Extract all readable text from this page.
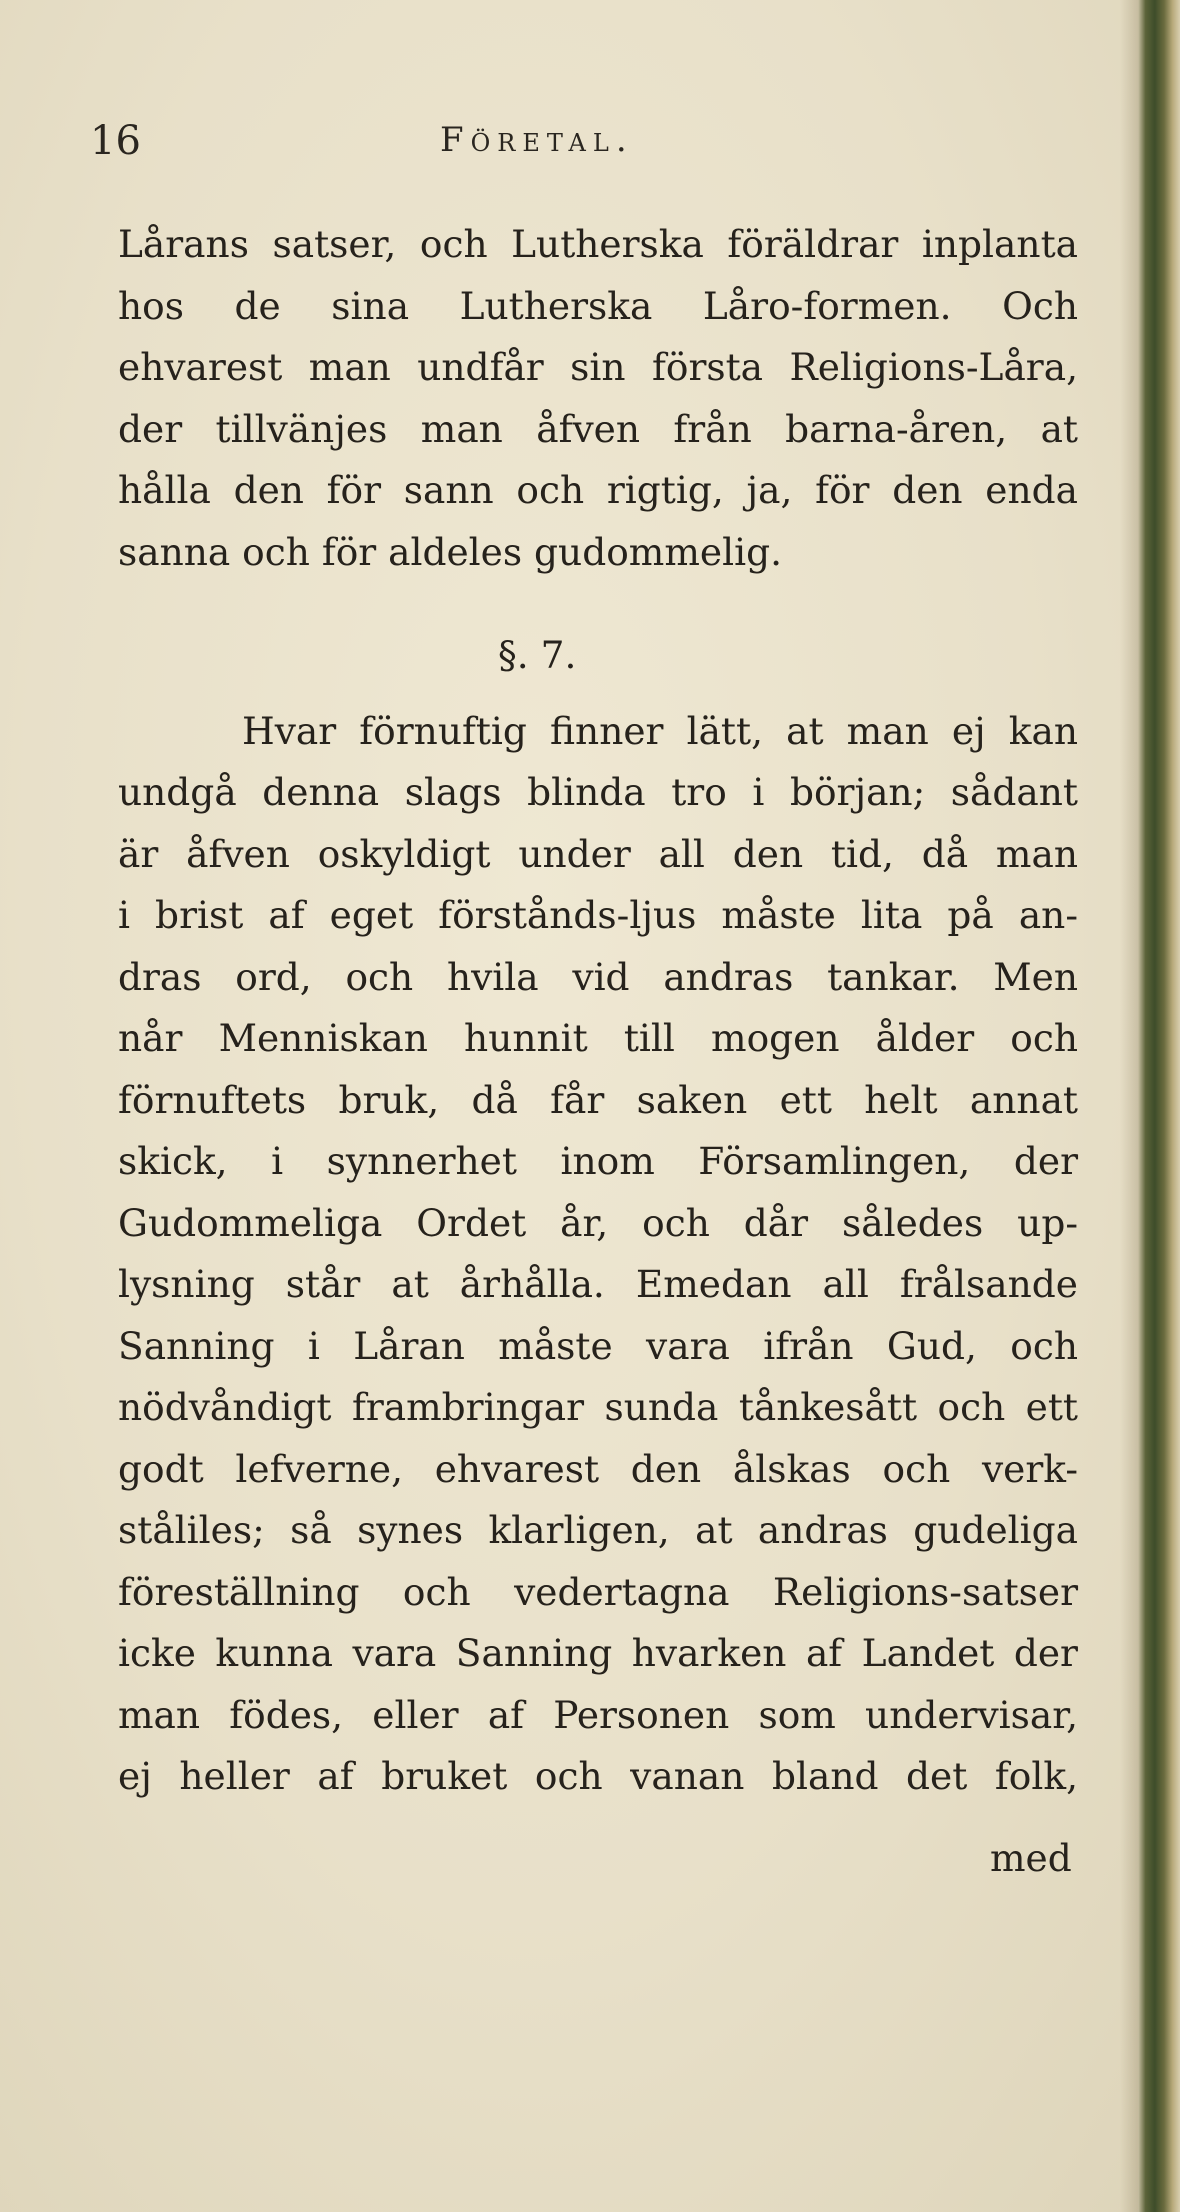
16	Företal.
Lårans satser, och Lutherska föräldrar inplanta
hos de sina Lutherska Låro-formen. Och
ehvarest man undfår sin första Religions-Låra,
der tillvänjes man åfven från barna-åren, at
hålla den för sann och rigtig, ja, för den enda
sanna och för aldeles gudommelig.
§. 7.
Hvar förnuftig finner lätt, at man ej kan
undgå denna slags blinda tro i början; sådant
är åfven oskyldigt under all den tid, då man
i brist af eget förstånds-ljus måste lita på an-
dras ord, och hvila vid andras tankar. Men
når Menniskan hunnit till mogen ålder och
förnuftets bruk, då får saken ett helt annat
skick, i synnerhet inom Församlingen, der
Gudommeliga Ordet år, och dår således up-
lysning står at århålla. Emedan all frålsande
Sanning i Låran måste vara ifrån Gud, och
nödvåndigt frambringar sunda tånkesått och ett
godt lefverne, ehvarest den ålskas och verk-
ståliles; så synes klarligen, at andras gudeliga
föreställning och vedertagna Religions-satser
icke kunna vara Sanning hvarken af Landet der
man födes, eller af Personen som undervisar,
ej heller af bruket och vanan bland det folk,
med
